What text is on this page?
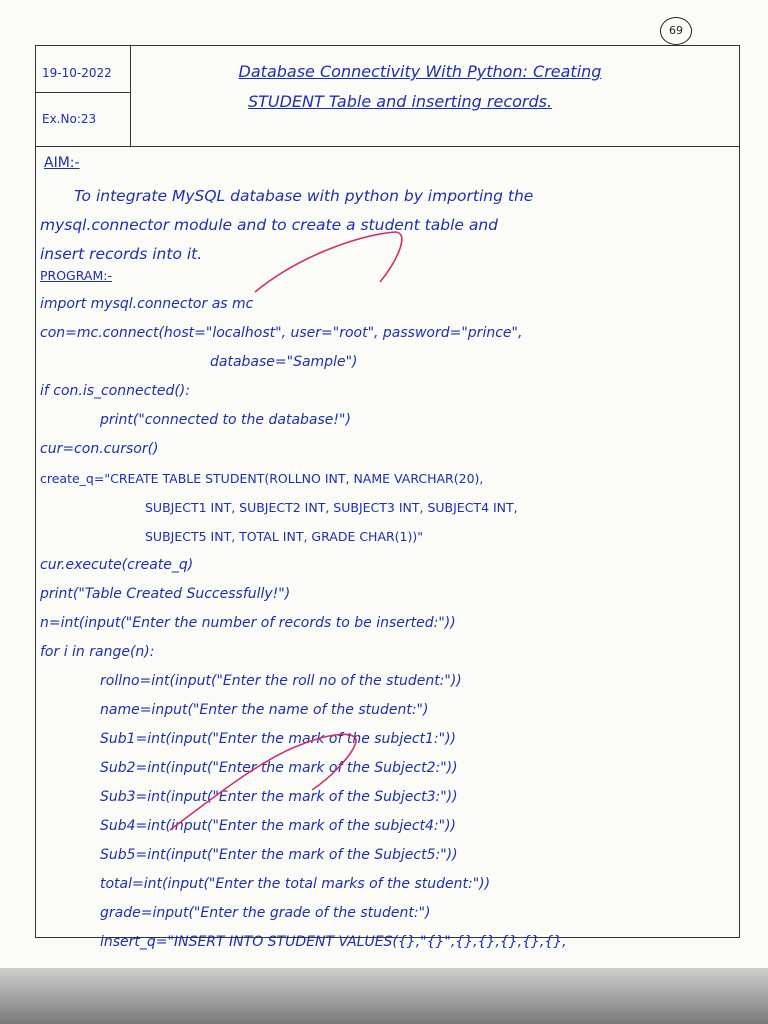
69
19-10-2022
Ex.No:23
Database Connectivity With Python: Creating
STUDENT Table and inserting records.
AIM:-
To integrate MySQL database with python by importing the
mysql.connector module and to create a student table and
insert records into it.
PROGRAM:-
import mysql.connector as mc
con=mc.connect(host="localhost", user="root", password="prince",
database="Sample")
if con.is_connected():
print("connected to the database!")
cur=con.cursor()
create_q="CREATE TABLE STUDENT(ROLLNO INT, NAME VARCHAR(20),
SUBJECT1 INT, SUBJECT2 INT, SUBJECT3 INT, SUBJECT4 INT,
SUBJECT5 INT, TOTAL INT, GRADE CHAR(1))"
cur.execute(create_q)
print("Table Created Successfully!")
n=int(input("Enter the number of records to be inserted:"))
for i in range(n):
rollno=int(input("Enter the roll no of the student:"))
name=input("Enter the name of the student:")
Sub1=int(input("Enter the mark of the subject1:"))
Sub2=int(input("Enter the mark of the Subject2:"))
Sub3=int(input("Enter the mark of the Subject3:"))
Sub4=int(input("Enter the mark of the subject4:"))
Sub5=int(input("Enter the mark of the Subject5:"))
total=int(input("Enter the total marks of the student:"))
grade=input("Enter the grade of the student:")
insert_q="INSERT INTO STUDENT VALUES({},"{}",{},{},{},{},{},
